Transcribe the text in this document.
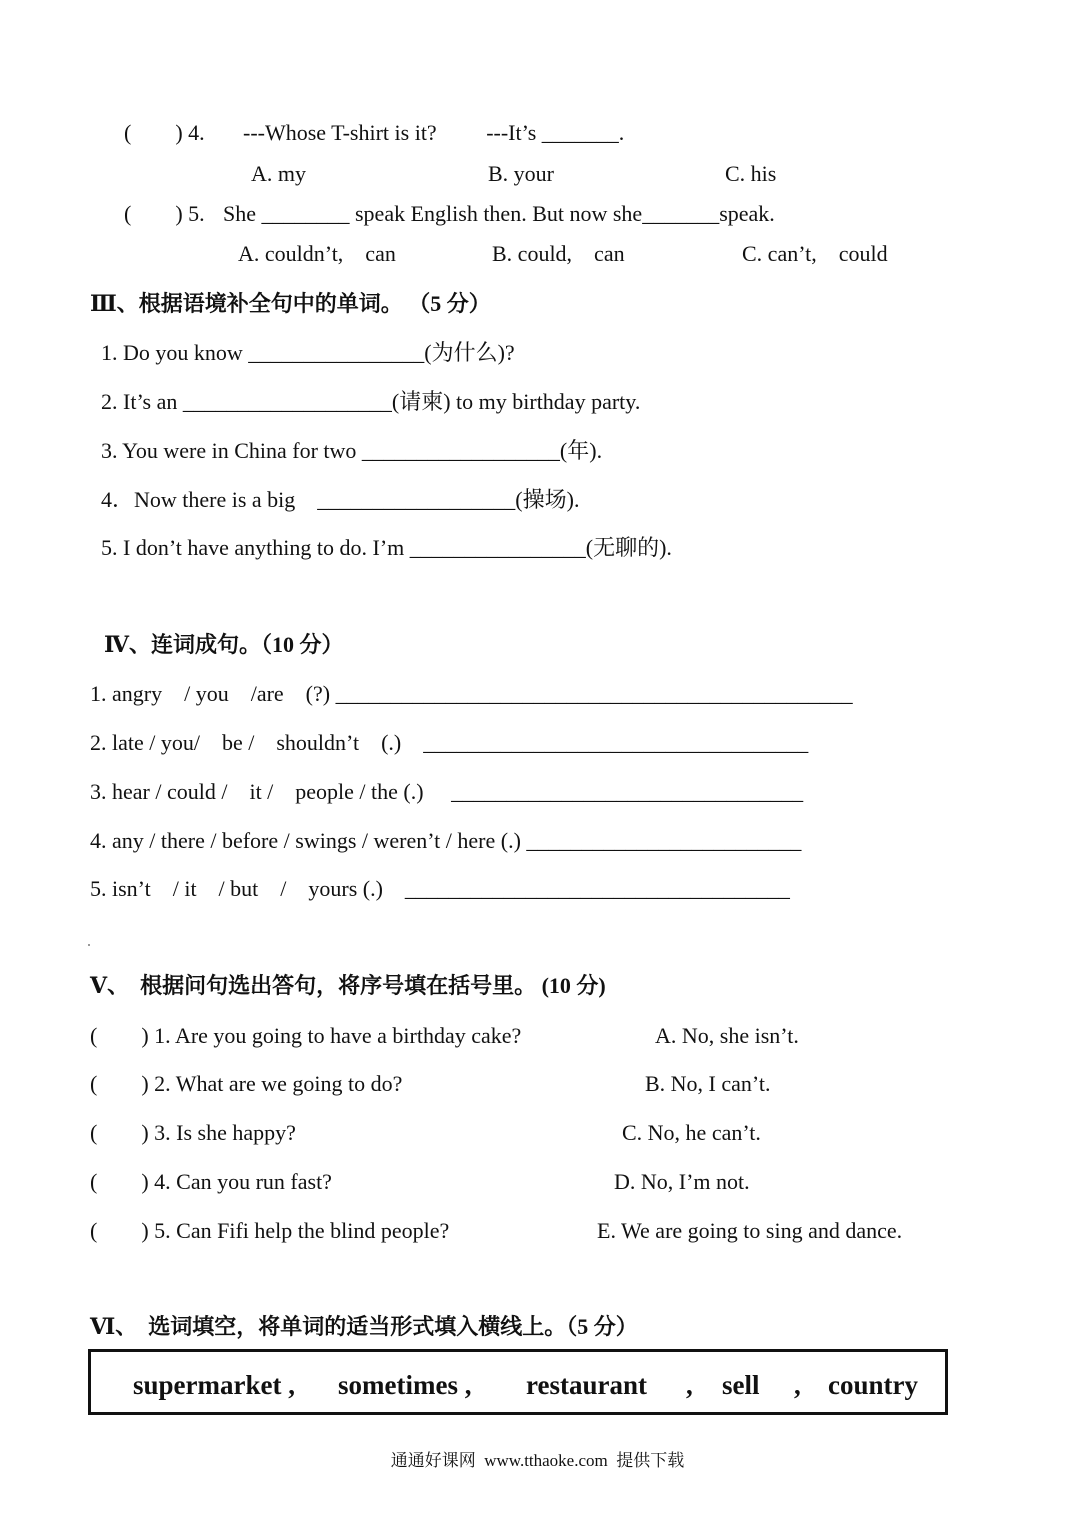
(        ) 4. ---Whose T-shirt is it?         ---It’s _______.
A. my	B. your	C. his
(        ) 5. She ________ speak English then. But now she_______speak.
A. couldn’t,    can	B. could,    can	C. can’t,    could
Ⅲ、根据语境补全句中的单词。 （5 分）
1. Do you know ________________(为什么)?
2. It’s an ___________________(请柬) to my birthday party.
3. You were in China for two __________________(年).
4．Now there is a big    __________________(操场).
5. I don’t have anything to do. I’m ________________(无聊的).
Ⅳ、连词成句。（10 分）
1. angry    / you    /are    (?) _______________________________________________
2. late / you/    be /    shouldn’t    (.)    ___________________________________
3. hear / could /    it /    people / the (.)     ________________________________
4. any / there / before / swings / weren’t / here (.) _________________________
5. isn’t    / it    / but    /    yours (.)    ___________________________________
Ⅴ、  根据问句选出答句，将序号填在括号里。 (10 分)
(        ) 1. Are you going to have a birthday cake?	A. No, she isn’t.
(        ) 2. What are we going to do?	B. No, I can’t.
(        ) 3. Is she happy?	C. No, he can’t.
(        ) 4. Can you run fast?	D. No, I’m not.
(        ) 5. Can Fifi help the blind people?	E. We are going to sing and dance.
Ⅵ、  选词填空，将单词的适当形式填入横线上。（5 分）
supermarket , sometimes , restaurant , sell , country
通通好课网  www.tthaoke.com  提供下载
